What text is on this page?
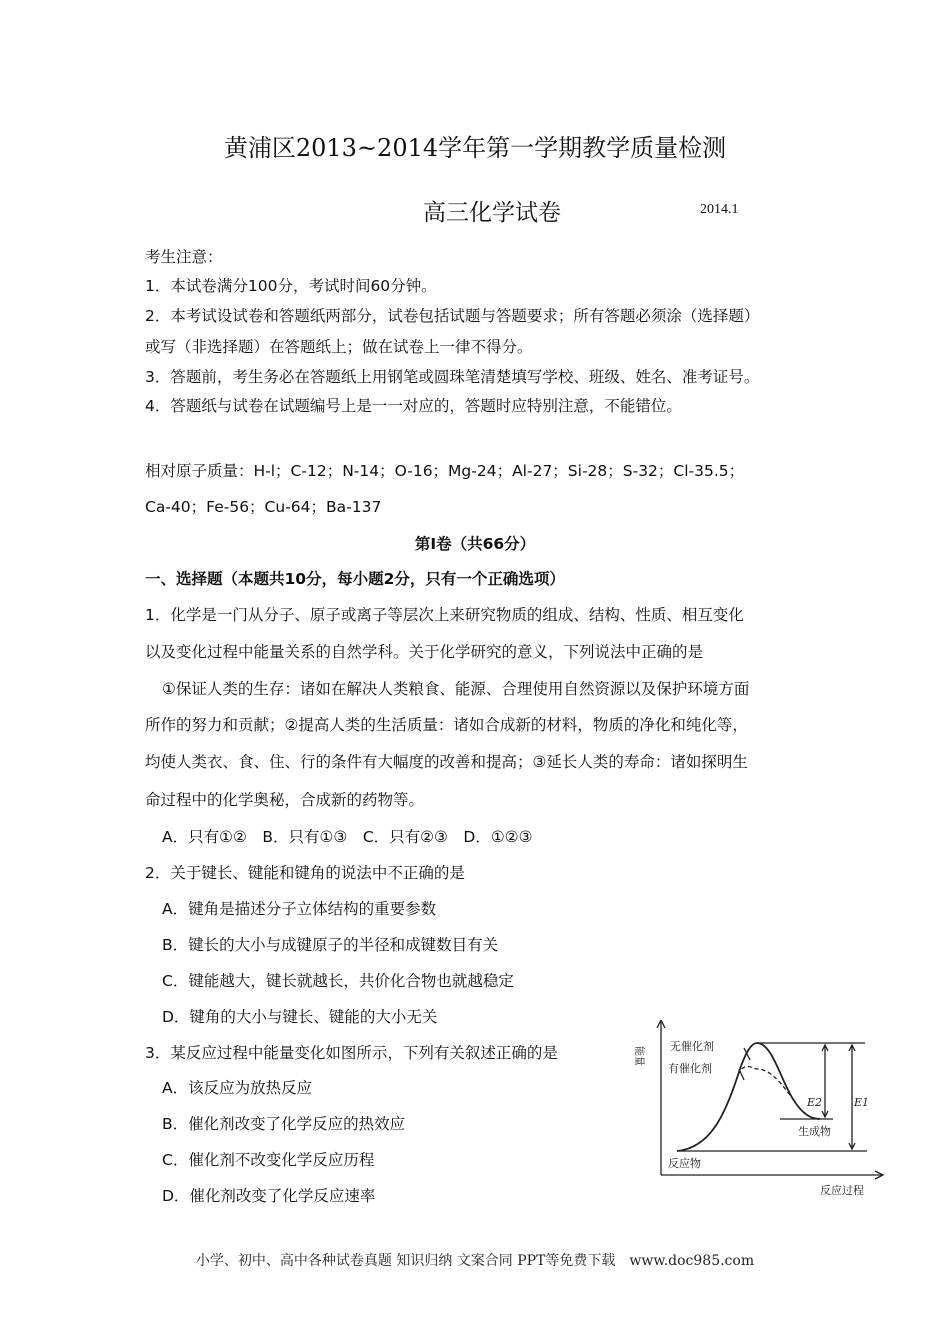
黄浦区2013~2014学年第一学期教学质量检测
高三化学试卷	2014.1
考生注意：
1．本试卷满分100分，考试时间60分钟。
2．本考试设试卷和答题纸两部分，试卷包括试题与答题要求；所有答题必须涂（选择题）
或写（非选择题）在答题纸上；做在试卷上一律不得分。
3．答题前，考生务必在答题纸上用钢笔或圆珠笔清楚填写学校、班级、姓名、准考证号。
4．答题纸与试卷在试题编号上是一一对应的，答题时应特别注意，不能错位。
相对原子质量：H-l；C-12；N-14；O-16；Mg-24；Al-27；Si-28；S-32；Cl-35.5；
Ca-40；Fe-56；Cu-64；Ba-137
第I卷（共66分）
一、选择题（本题共10分，每小题2分，只有一个正确选项）
1．化学是一门从分子、原子或离子等层次上来研究物质的组成、结构、性质、相互变化
以及变化过程中能量关系的自然学科。关于化学研究的意义，下列说法中正确的是
①保证人类的生存：诸如在解决人类粮食、能源、合理使用自然资源以及保护环境方面
所作的努力和贡献；②提高人类的生活质量：诸如合成新的材料，物质的净化和纯化等，
均使人类衣、食、住、行的条件有大幅度的改善和提高；③延长人类的寿命：诸如探明生
命过程中的化学奥秘，合成新的药物等。
A．只有①②　B．只有①③　C．只有②③　D．①②③
2．关于键长、键能和键角的说法中不正确的是
A．键角是描述分子立体结构的重要参数
B．键长的大小与成键原子的半径和成键数目有关
C．键能越大，键长就越长，共价化合物也就越稳定
D．键角的大小与键长、键能的大小无关
3．某反应过程中能量变化如图所示，下列有关叙述正确的是
A．该反应为放热反应
B．催化剂改变了化学反应的热效应
C．催化剂不改变化学反应历程
D．催化剂改变了化学反应速率
能量 无催化剂
有催化剂
E2	E1
生成物
反应物
反应过程
小学、初中、高中各种试卷真题 知识归纳 文案合同 PPT等免费下载　www.doc985.com
